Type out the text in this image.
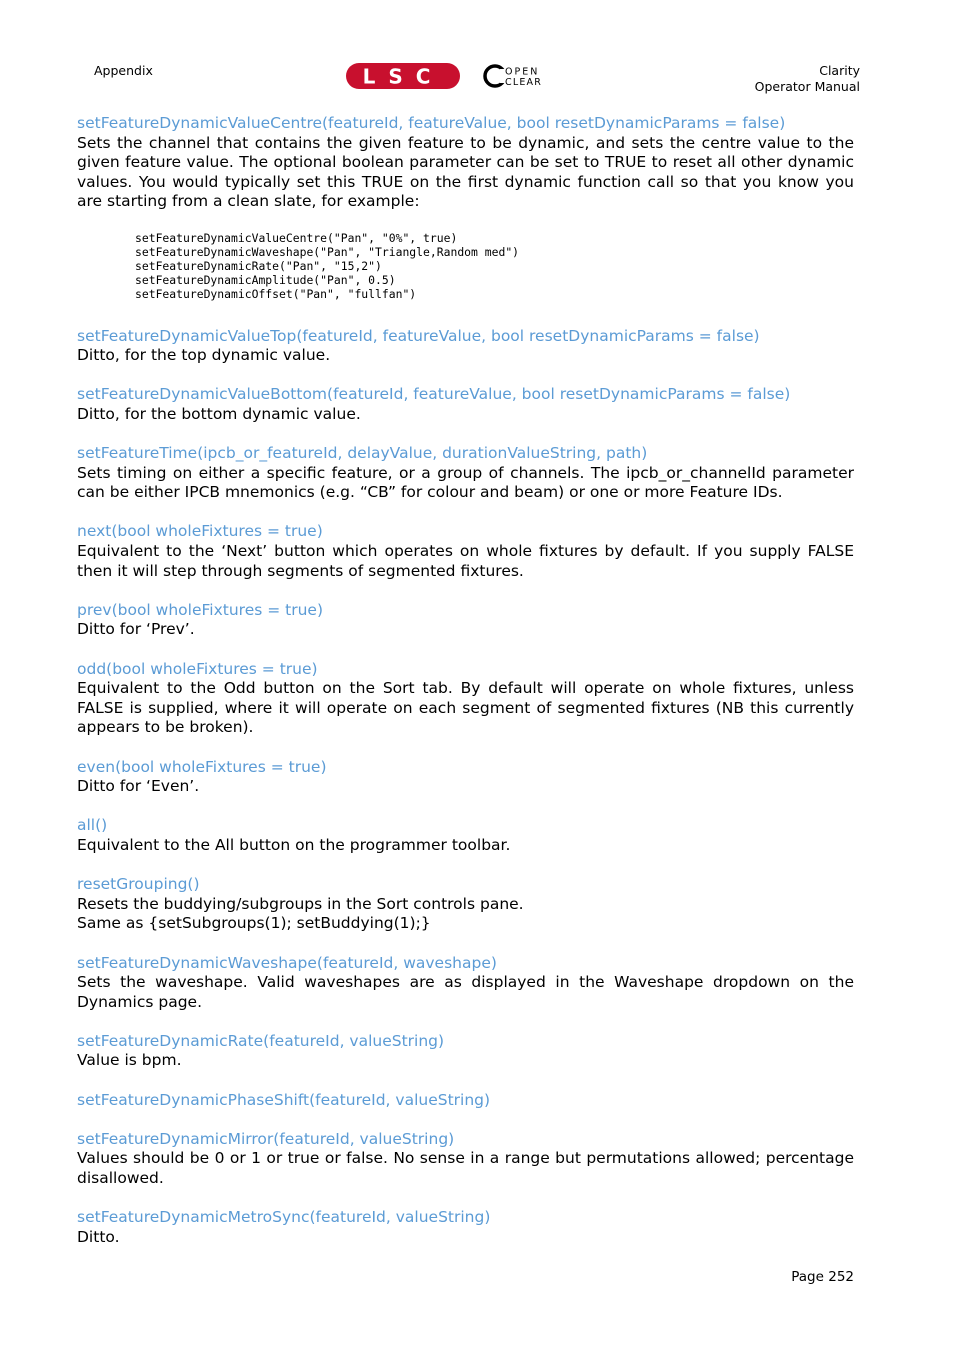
Appendix	LSC	OPEN
CLEAR
Clarity
Operator Manual

setFeatureDynamicValueCentre(featureId, featureValue, bool resetDynamicParams = false)

Sets the channel that contains the given feature to be dynamic, and sets the centre value to the given feature value. The optional boolean parameter can be set to TRUE to reset all other dynamic values. You would typically set this TRUE on the first dynamic function call so that you know you are starting from a clean slate, for example:

setFeatureDynamicValueCentre("Pan", "0%", true)

setFeatureDynamicWaveshape("Pan", "Triangle,Random med")

setFeatureDynamicRate("Pan", "15,2")

setFeatureDynamicAmplitude("Pan", 0.5)

setFeatureDynamicOffset("Pan", "fullfan")

setFeatureDynamicValueTop(featureId, featureValue, bool resetDynamicParams = false)

Ditto, for the top dynamic value.

setFeatureDynamicValueBottom(featureId, featureValue, bool resetDynamicParams = false)

Ditto, for the bottom dynamic value.

setFeatureTime(ipcb_or_featureId, delayValue, durationValueString, path)

Sets timing on either a specific feature, or a group of channels. The ipcb_or_channelId parameter can be either IPCB mnemonics (e.g. “CB” for colour and beam) or one or more Feature IDs.

next(bool wholeFixtures = true)

Equivalent to the ‘Next’ button which operates on whole fixtures by default. If you supply FALSE then it will step through segments of segmented fixtures.

prev(bool wholeFixtures = true)

Ditto for ‘Prev’.

odd(bool wholeFixtures = true)

Equivalent to the Odd button on the Sort tab. By default will operate on whole fixtures, unless FALSE is supplied, where it will operate on each segment of segmented fixtures (NB this currently appears to be broken).

even(bool wholeFixtures = true)

Ditto for ‘Even’.

all()

Equivalent to the All button on the programmer toolbar.

resetGrouping()

Resets the buddying/subgroups in the Sort controls pane.

Same as {setSubgroups(1); setBuddying(1);}

setFeatureDynamicWaveshape(featureId, waveshape)

Sets the waveshape. Valid waveshapes are as displayed in the Waveshape dropdown on the Dynamics page.

setFeatureDynamicRate(featureId, valueString)

Value is bpm.

setFeatureDynamicPhaseShift(featureId, valueString)

setFeatureDynamicMirror(featureId, valueString)

Values should be 0 or 1 or true or false. No sense in a range but permutations allowed; percentage disallowed.

setFeatureDynamicMetroSync(featureId, valueString)

Ditto.

Page 252
